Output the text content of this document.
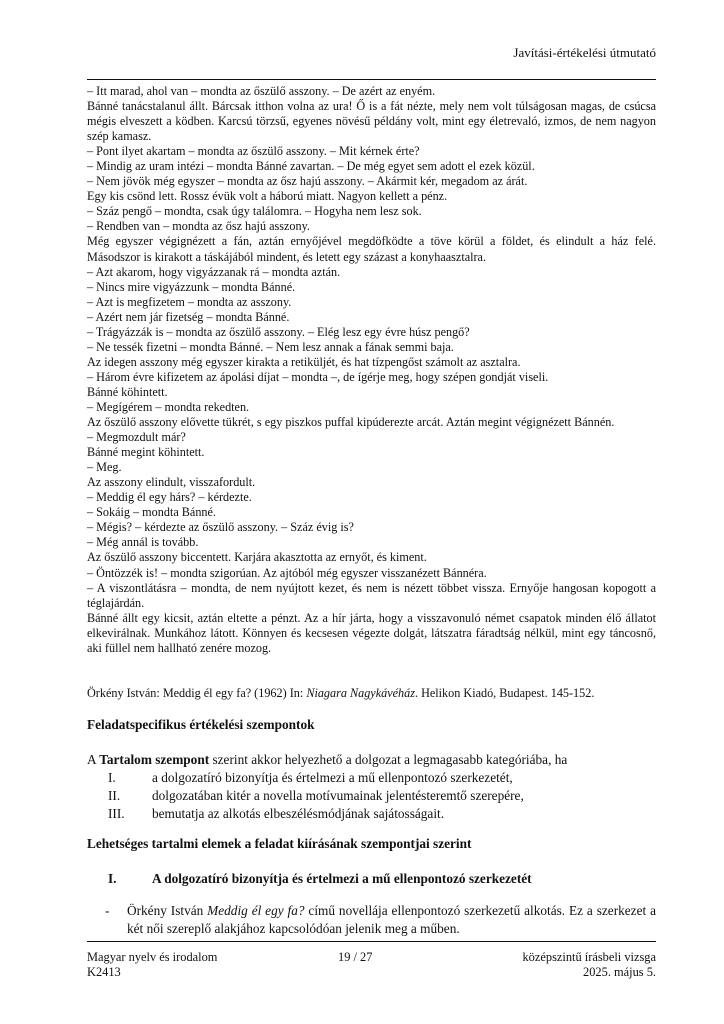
Javítási-értékelési útmutató

– Itt marad, ahol van – mondta az őszülő asszony. – De azért az enyém.

Bánné tanácstalanul állt. Bárcsak itthon volna az ura! Ő is a fát nézte, mely nem volt túlságosan magas, de csúcsa mégis elveszett a ködben. Karcsú törzsű, egyenes növésű példány volt, mint egy életrevaló, izmos, de nem nagyon szép kamasz.

– Pont ilyet akartam – mondta az őszülő asszony. – Mit kérnek érte?

– Mindig az uram intézi – mondta Bánné zavartan. – De még egyet sem adott el ezek közül.

– Nem jövök még egyszer – mondta az ősz hajú asszony. – Akármit kér, megadom az árát.

Egy kis csönd lett. Rossz évük volt a háború miatt. Nagyon kellett a pénz.

– Száz pengő – mondta, csak úgy találomra. – Hogyha nem lesz sok.

– Rendben van – mondta az ősz hajú asszony.

Még egyszer végignézett a fán, aztán ernyőjével megdöfködte a töve körül a földet, és elindult a ház felé. Másodszor is kirakott a táskájából mindent, és letett egy százast a konyhaasztalra.

– Azt akarom, hogy vigyázzanak rá – mondta aztán.

– Nincs mire vigyázzunk – mondta Bánné.

– Azt is megfizetem – mondta az asszony.

– Azért nem jár fizetség – mondta Bánné.

– Trágyázzák is – mondta az őszülő asszony. – Elég lesz egy évre húsz pengő?

– Ne tessék fizetni – mondta Bánné. – Nem lesz annak a fának semmi baja.

Az idegen asszony még egyszer kirakta a retiküljét, és hat tízpengőst számolt az asztalra.

– Három évre kifizetem az ápolási díjat – mondta –, de ígérje meg, hogy szépen gondját viseli.

Bánné köhintett.

– Megígérem – mondta rekedten.

Az őszülő asszony elővette tükrét, s egy piszkos puffal kipúderezte arcát. Aztán megint végignézett Bánnén.

– Megmozdult már?

Bánné megint köhintett.

– Meg.

Az asszony elindult, visszafordult.

– Meddig él egy hárs? – kérdezte.

– Sokáig – mondta Bánné.

– Mégis? – kérdezte az őszülő asszony. – Száz évig is?

– Még annál is tovább.

Az őszülő asszony biccentett. Karjára akasztotta az ernyőt, és kiment.

– Öntözzék is! – mondta szigorúan. Az ajtóból még egyszer visszanézett Bánnéra.

– A viszontlátásra – mondta, de nem nyújtott kezet, és nem is nézett többet vissza. Ernyője hangosan kopogott a téglajárdán.

Bánné állt egy kicsit, aztán eltette a pénzt. Az a hír járta, hogy a visszavonuló német csapatok minden élő állatot elkevirálnak. Munkához látott. Könnyen és kecsesen végezte dolgát, látszatra fáradtság nélkül, mint egy táncosnő, aki füllel nem hallható zenére mozog.

Örkény István: Meddig él egy fa? (1962) In: Niagara Nagykávéház. Helikon Kiadó, Budapest. 145-152.
Feladatspecifikus értékelési szempontok
A Tartalom szempont szerint akkor helyezhető a dolgozat a legmagasabb kategóriába, ha
I.	a dolgozatíró bizonyítja és értelmezi a mű ellenpontozó szerkezetét,
II.	dolgozatában kitér a novella motívumainak jelentésteremtő szerepére,
III.	bemutatja az alkotás elbeszélésmódjának sajátosságait.
Lehetséges tartalmi elemek a feladat kiírásának szempontjai szerint
I.	A dolgozatíró bizonyítja és értelmezi a mű ellenpontozó szerkezetét
-	Örkény István Meddig él egy fa? című novellája ellenpontozó szerkezetű alkotás. Ez a szerkezet a két női szereplő alakjához kapcsolódóan jelenik meg a műben.
Magyar nyelv és irodalom
K2413
19 / 27	középszintű írásbeli vizsga
2025. május 5.
